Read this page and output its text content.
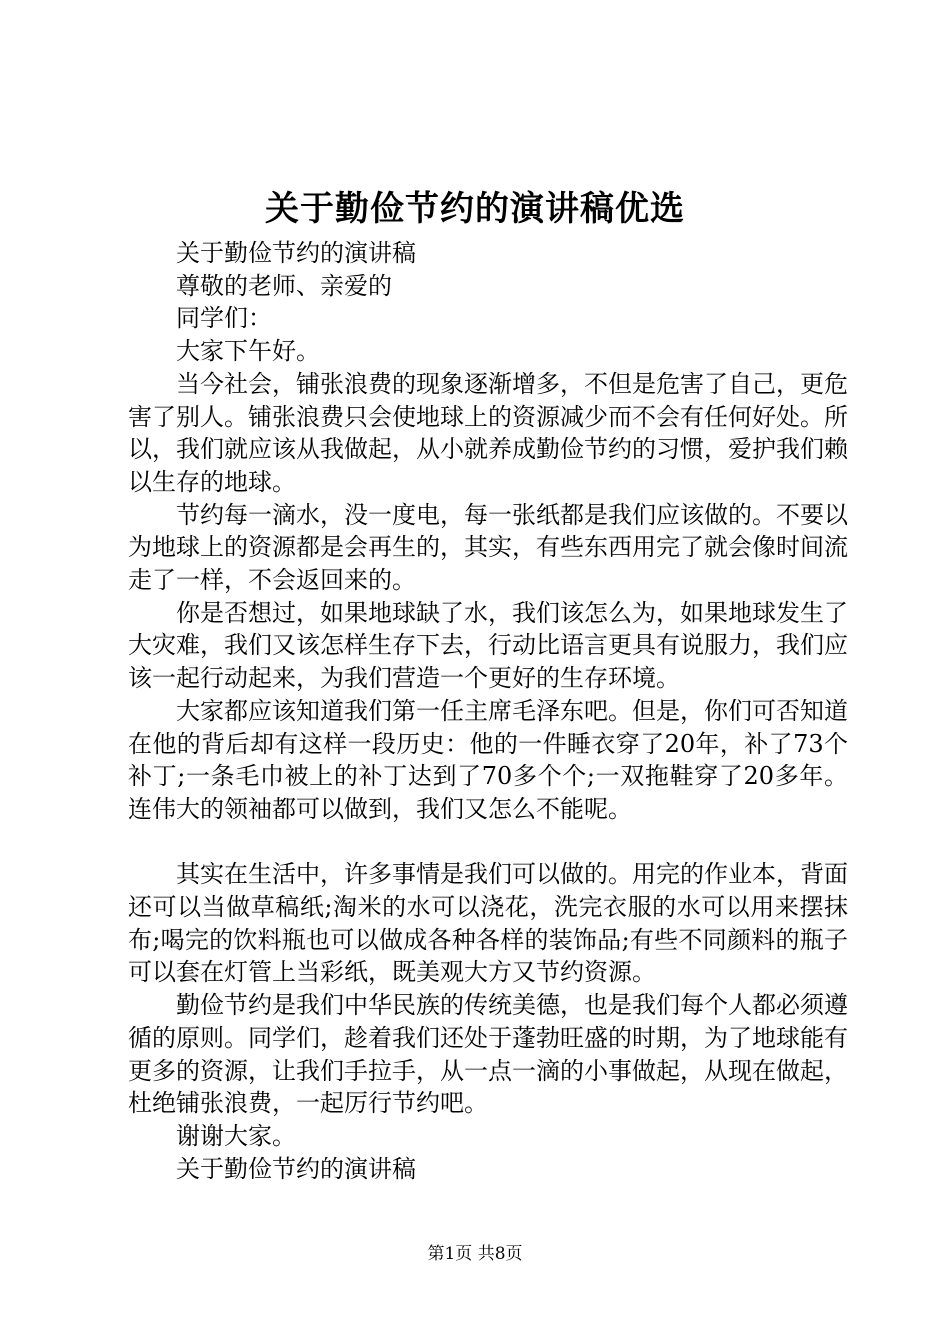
关于勤俭节约的演讲稿优选

关于勤俭节约的演讲稿

尊敬的老师、亲爱的

同学们：

大家下午好。

当今社会，铺张浪费的现象逐渐增多，不但是危害了自己，更危害了别人。铺张浪费只会使地球上的资源减少而不会有任何好处。所以，我们就应该从我做起，从小就养成勤俭节约的习惯，爱护我们赖以生存的地球。

节约每一滴水，没一度电，每一张纸都是我们应该做的。不要以为地球上的资源都是会再生的，其实，有些东西用完了就会像时间流走了一样，不会返回来的。

你是否想过，如果地球缺了水，我们该怎么为，如果地球发生了大灾难，我们又该怎样生存下去，行动比语言更具有说服力，我们应该一起行动起来，为我们营造一个更好的生存环境。

大家都应该知道我们第一任主席毛泽东吧。但是，你们可否知道在他的背后却有这样一段历史：他的一件睡衣穿了20年，补了73个补丁;一条毛巾被上的补丁达到了70多个个;一双拖鞋穿了20多年。连伟大的领袖都可以做到，我们又怎么不能呢。

其实在生活中，许多事情是我们可以做的。用完的作业本，背面还可以当做草稿纸;淘米的水可以浇花，洗完衣服的水可以用来摆抹布;喝完的饮料瓶也可以做成各种各样的装饰品;有些不同颜料的瓶子可以套在灯管上当彩纸，既美观大方又节约资源。

勤俭节约是我们中华民族的传统美德，也是我们每个人都必须遵循的原则。同学们，趁着我们还处于蓬勃旺盛的时期，为了地球能有更多的资源，让我们手拉手，从一点一滴的小事做起，从现在做起，杜绝铺张浪费，一起厉行节约吧。

谢谢大家。

关于勤俭节约的演讲稿

第1页 共8页
